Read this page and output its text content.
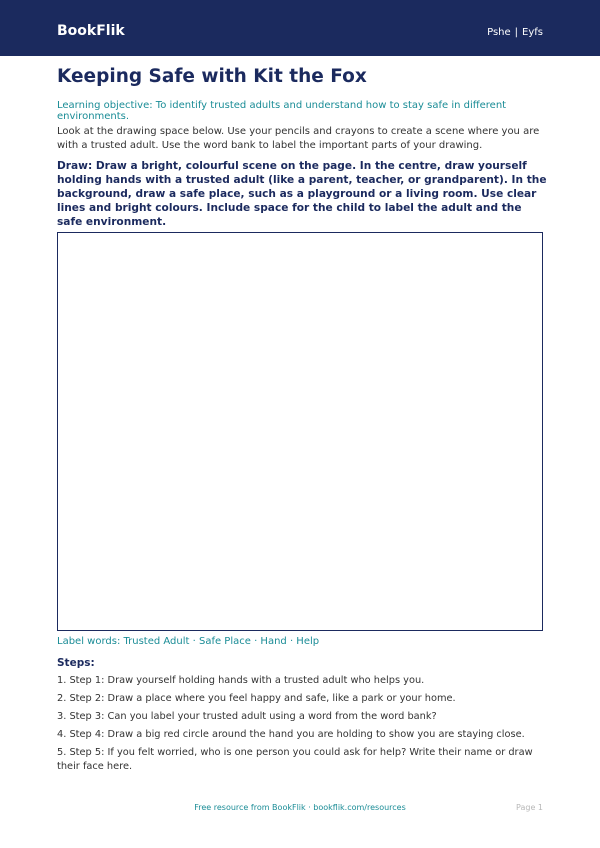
BookFlik	Pshe | Eyfs
Keeping Safe with Kit the Fox
Learning objective: To identify trusted adults and understand how to stay safe in different environments.
Look at the drawing space below. Use your pencils and crayons to create a scene where you are with a trusted adult. Use the word bank to label the important parts of your drawing.
Draw: Draw a bright, colourful scene on the page. In the centre, draw yourself holding hands with a trusted adult (like a parent, teacher, or grandparent). In the background, draw a safe place, such as a playground or a living room. Use clear lines and bright colours. Include space for the child to label the adult and the safe environment.
Label words: Trusted Adult · Safe Place · Hand · Help
Steps:
1. Step 1: Draw yourself holding hands with a trusted adult who helps you.
2. Step 2: Draw a place where you feel happy and safe, like a park or your home.
3. Step 3: Can you label your trusted adult using a word from the word bank?
4. Step 4: Draw a big red circle around the hand you are holding to show you are staying close.
5. Step 5: If you felt worried, who is one person you could ask for help? Write their name or draw their face here.
Free resource from BookFlik · bookflik.com/resources	Page 1
